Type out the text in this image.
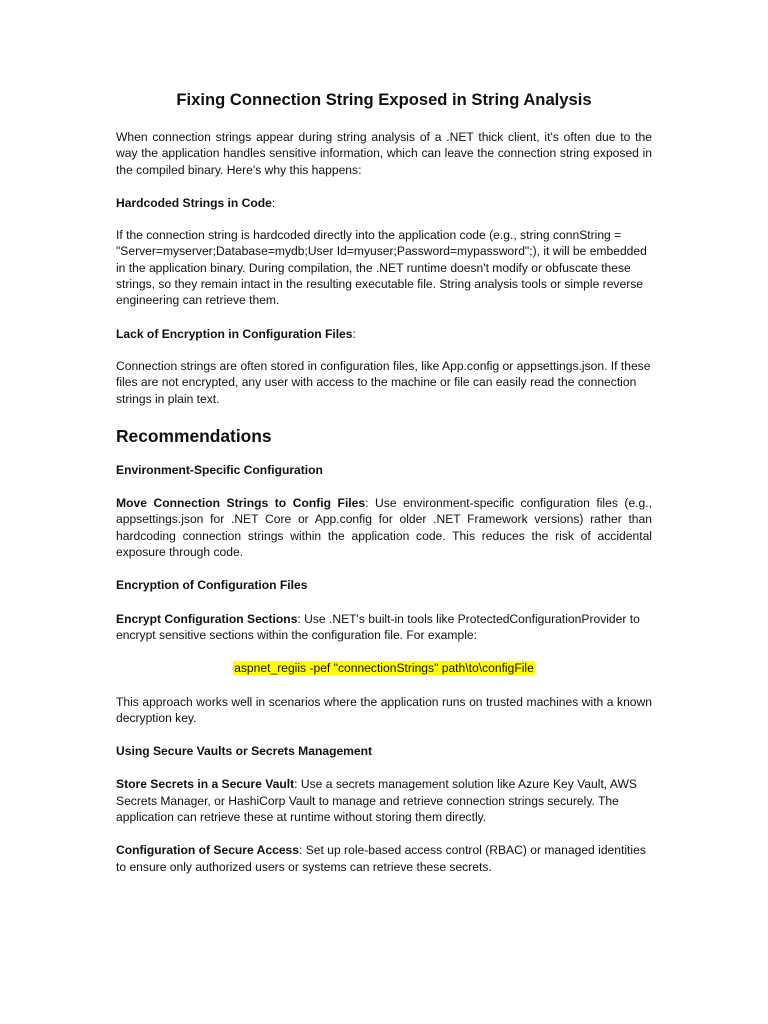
Fixing Connection String Exposed in String Analysis

When connection strings appear during string analysis of a .NET thick client, it's often due to the way the application handles sensitive information, which can leave the connection string exposed in the compiled binary. Here's why this happens:

Hardcoded Strings in Code:

If the connection string is hardcoded directly into the application code (e.g., string connString = "Server=myserver;Database=mydb;User Id=myuser;Password=mypassword";), it will be embedded in the application binary. During compilation, the .NET runtime doesn't modify or obfuscate these strings, so they remain intact in the resulting executable file. String analysis tools or simple reverse engineering can retrieve them.

Lack of Encryption in Configuration Files:

Connection strings are often stored in configuration files, like App.config or appsettings.json. If these files are not encrypted, any user with access to the machine or file can easily read the connection strings in plain text.

Recommendations

Environment-Specific Configuration

Move Connection Strings to Config Files: Use environment-specific configuration files (e.g., appsettings.json for .NET Core or App.config for older .NET Framework versions) rather than hardcoding connection strings within the application code. This reduces the risk of accidental exposure through code.

Encryption of Configuration Files

Encrypt Configuration Sections: Use .NET's built-in tools like ProtectedConfigurationProvider to encrypt sensitive sections within the configuration file. For example:

aspnet_regiis -pef "connectionStrings" path\to\configFile

This approach works well in scenarios where the application runs on trusted machines with a known decryption key.

Using Secure Vaults or Secrets Management

Store Secrets in a Secure Vault: Use a secrets management solution like Azure Key Vault, AWS Secrets Manager, or HashiCorp Vault to manage and retrieve connection strings securely. The application can retrieve these at runtime without storing them directly.

Configuration of Secure Access: Set up role-based access control (RBAC) or managed identities to ensure only authorized users or systems can retrieve these secrets.
